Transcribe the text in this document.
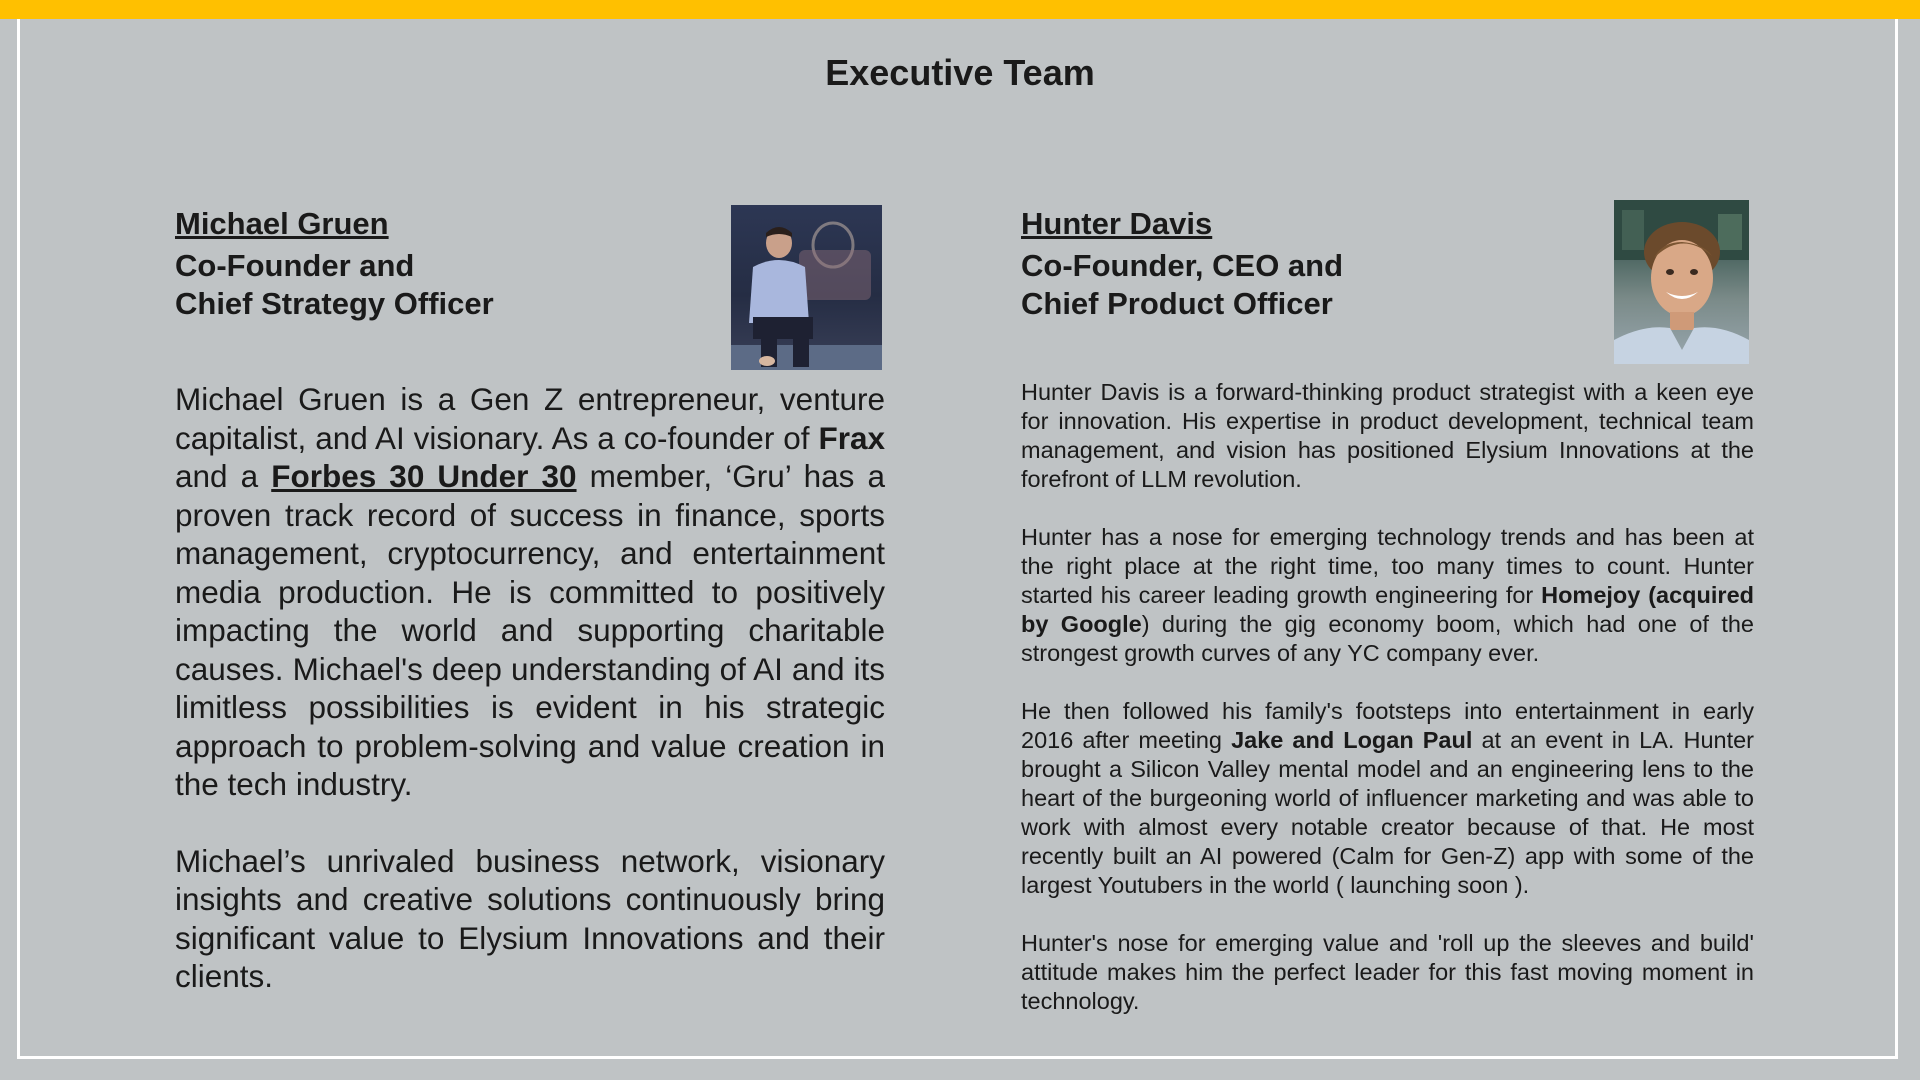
Executive Team
Michael Gruen
Co-Founder and
Chief Strategy Officer

Michael Gruen is a Gen Z entrepreneur, venture capitalist, and AI visionary. As a co-founder of Frax and a Forbes 30 Under 30 member, ‘Gru’ has a proven track record of success in finance, sports management, cryptocurrency, and entertainment media production. He is committed to positively impacting the world and supporting charitable causes. Michael's deep understanding of AI and its limitless possibilities is evident in his strategic approach to problem-solving and value creation in the tech industry.

Michael’s unrivaled business network, visionary insights and creative solutions continuously bring significant value to Elysium Innovations and their clients.

Hunter Davis
Co-Founder, CEO and
Chief Product Officer

Hunter Davis is a forward-thinking product strategist with a keen eye for innovation. His expertise in product development, technical team management, and vision has positioned Elysium Innovations at the forefront of LLM revolution.

Hunter has a nose for emerging technology trends and has been at the right place at the right time, too many times to count. Hunter started his career leading growth engineering for Homejoy (acquired by Google) during the gig economy boom, which had one of the strongest growth curves of any YC company ever.

He then followed his family's footsteps into entertainment in early 2016 after meeting Jake and Logan Paul at an event in LA. Hunter brought a Silicon Valley mental model and an engineering lens to the heart of the burgeoning world of influencer marketing and was able to work with almost every notable creator because of that. He most recently built an AI powered (Calm for Gen-Z) app with some of the largest Youtubers in the world ( launching soon ).

Hunter's nose for emerging value and 'roll up the sleeves and build' attitude makes him the perfect leader for this fast moving moment in technology.
